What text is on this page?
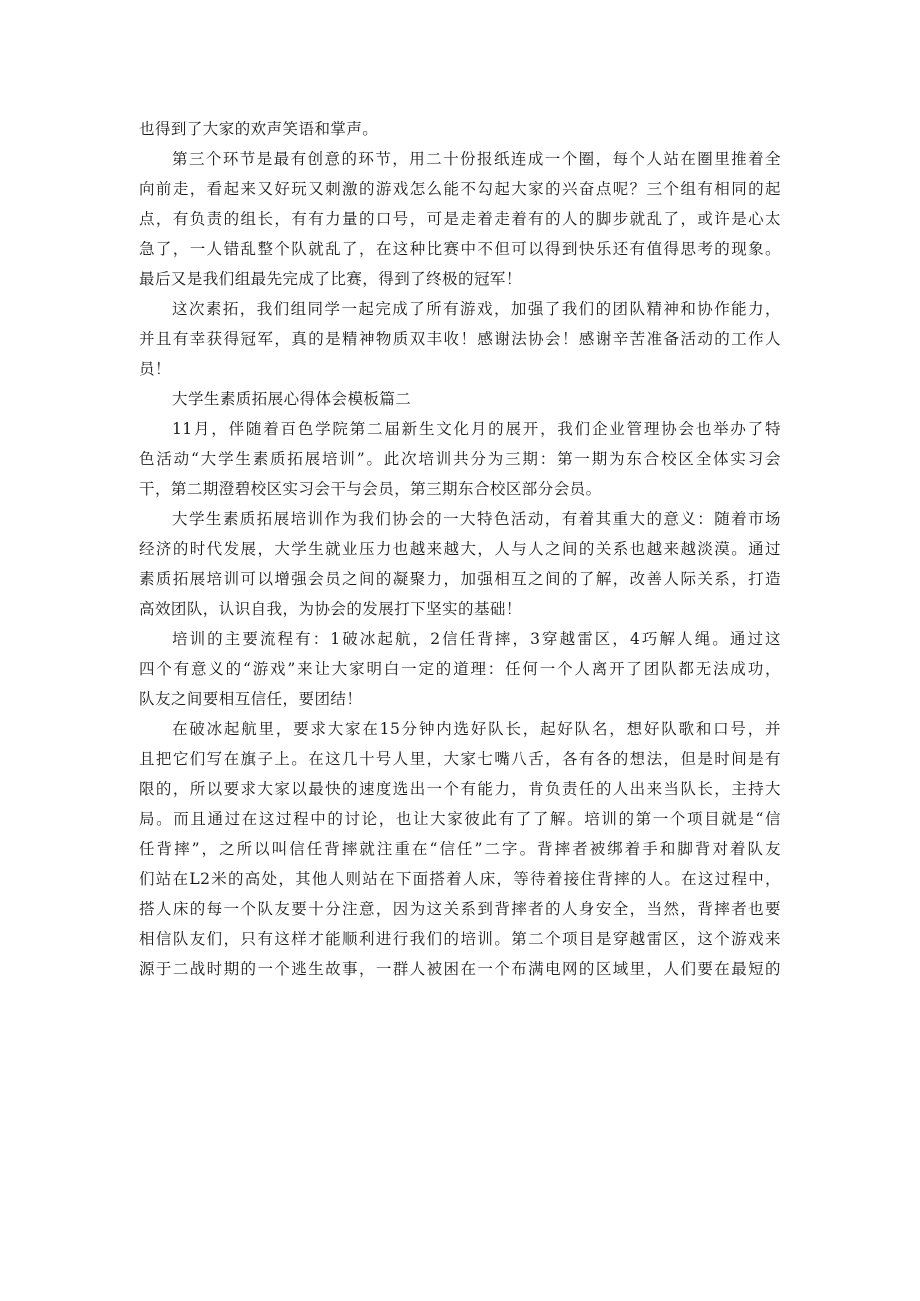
也得到了大家的欢声笑语和掌声。
第三个环节是最有创意的环节，用二十份报纸连成一个圈，每个人站在圈里推着全
向前走，看起来又好玩又刺激的游戏怎么能不勾起大家的兴奋点呢？三个组有相同的起
点，有负责的组长，有有力量的口号，可是走着走着有的人的脚步就乱了，或许是心太
急了，一人错乱整个队就乱了，在这种比赛中不但可以得到快乐还有值得思考的现象。
最后又是我们组最先完成了比赛，得到了终极的冠军！
这次素拓，我们组同学一起完成了所有游戏，加强了我们的团队精神和协作能力，
并且有幸获得冠军，真的是精神物质双丰收！感谢法协会！感谢辛苦准备活动的工作人
员！
大学生素质拓展心得体会模板篇二
11月，伴随着百色学院第二届新生文化月的展开，我们企业管理协会也举办了特
色活动“大学生素质拓展培训”。此次培训共分为三期：第一期为东合校区全体实习会
干，第二期澄碧校区实习会干与会员，第三期东合校区部分会员。
大学生素质拓展培训作为我们协会的一大特色活动，有着其重大的意义：随着市场
经济的时代发展，大学生就业压力也越来越大，人与人之间的关系也越来越淡漠。通过
素质拓展培训可以增强会员之间的凝聚力，加强相互之间的了解，改善人际关系，打造
高效团队，认识自我，为协会的发展打下坚实的基础！
培训的主要流程有：1破冰起航，2信任背摔，3穿越雷区，4巧解人绳。通过这
四个有意义的“游戏”来让大家明白一定的道理：任何一个人离开了团队都无法成功，
队友之间要相互信任，要团结！
在破冰起航里，要求大家在15分钟内选好队长，起好队名，想好队歌和口号，并
且把它们写在旗子上。在这几十号人里，大家七嘴八舌，各有各的想法，但是时间是有
限的，所以要求大家以最快的速度选出一个有能力，肯负责任的人出来当队长，主持大
局。而且通过在这过程中的讨论，也让大家彼此有了了解。培训的第一个项目就是“信
任背摔”，之所以叫信任背摔就注重在“信任”二字。背摔者被绑着手和脚背对着队友
们站在L2米的高处，其他人则站在下面搭着人床，等待着接住背摔的人。在这过程中，
搭人床的每一个队友要十分注意，因为这关系到背摔者的人身安全，当然，背摔者也要
相信队友们，只有这样才能顺利进行我们的培训。第二个项目是穿越雷区，这个游戏来
源于二战时期的一个逃生故事，一群人被困在一个布满电网的区域里，人们要在最短的
